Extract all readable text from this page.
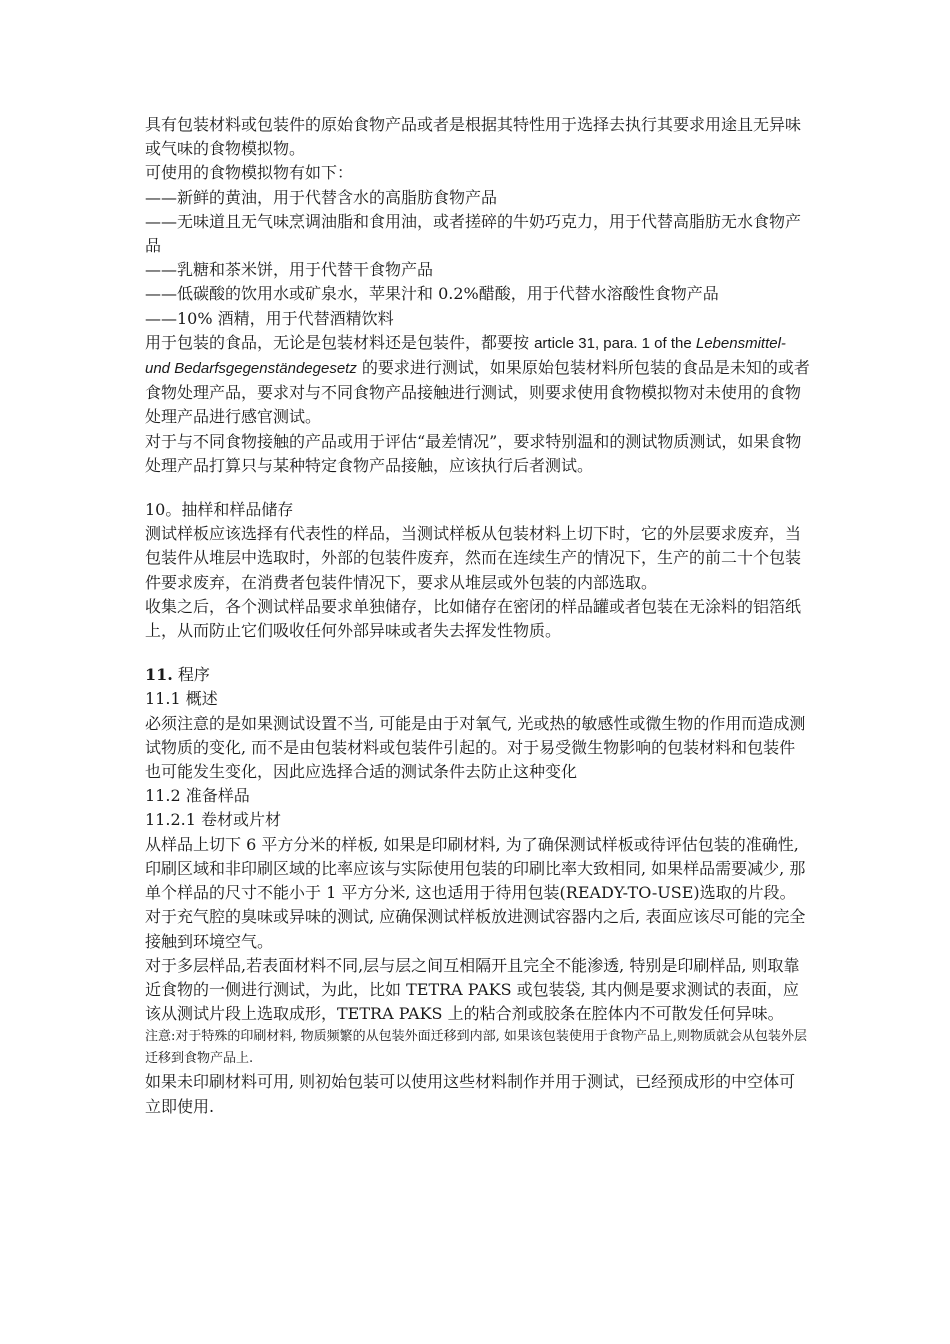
具有包装材料或包装件的原始食物产品或者是根据其特性用于选择去执行其要求用途且无异味或气味的食物模拟物。

可使用的食物模拟物有如下：

——新鲜的黄油，用于代替含水的高脂肪食物产品

——无味道且无气味烹调油脂和食用油，或者搓碎的牛奶巧克力，用于代替高脂肪无水食物产品

——乳糖和茶米饼，用于代替干食物产品

——低碳酸的饮用水或矿泉水，苹果汁和 0.2%醋酸，用于代替水溶酸性食物产品

——10% 酒精，用于代替酒精饮料

用于包装的食品，无论是包装材料还是包装件，都要按 article 31, para. 1 of the Lebensmittel- und Bedarfsgegenständegesetz 的要求进行测试，如果原始包装材料所包装的食品是未知的或者食物处理产品，要求对与不同食物产品接触进行测试，则要求使用食物模拟物对未使用的食物处理产品进行感官测试。

对于与不同食物接触的产品或用于评估“最差情况”，要求特别温和的测试物质测试，如果食物处理产品打算只与某种特定食物产品接触，应该执行后者测试。

10。抽样和样品储存

测试样板应该选择有代表性的样品，当测试样板从包装材料上切下时，它的外层要求废弃，当包装件从堆层中选取时，外部的包装件废弃，然而在连续生产的情况下，生产的前二十个包装件要求废弃，在消费者包装件情况下，要求从堆层或外包装的内部选取。

收集之后，各个测试样品要求单独储存，比如储存在密闭的样品罐或者包装在无涂料的铝箔纸上，从而防止它们吸收任何外部异味或者失去挥发性物质。

11. 程序

11.1 概述

必须注意的是如果测试设置不当, 可能是由于对氧气, 光或热的敏感性或微生物的作用而造成测试物质的变化, 而不是由包装材料或包装件引起的。对于易受微生物影响的包装材料和包装件也可能发生变化，因此应选择合适的测试条件去防止这种变化

11.2 准备样品

11.2.1 卷材或片材

从样品上切下 6 平方分米的样板, 如果是印刷材料, 为了确保测试样板或待评估包装的准确性, 印刷区域和非印刷区域的比率应该与实际使用包装的印刷比率大致相同, 如果样品需要减少, 那单个样品的尺寸不能小于 1 平方分米, 这也适用于待用包装(READY-TO-USE)选取的片段。

对于充气腔的臭味或异味的测试, 应确保测试样板放进测试容器内之后, 表面应该尽可能的完全接触到环境空气。

对于多层样品,若表面材料不同,层与层之间互相隔开且完全不能渗透, 特别是印刷样品, 则取靠近食物的一侧进行测试，为此，比如 TETRA PAKS 或包装袋, 其内侧是要求测试的表面，应该从测试片段上选取成形，TETRA PAKS 上的粘合剂或胶条在腔体内不可散发任何异味。

注意:对于特殊的印刷材料, 物质频繁的从包装外面迁移到内部, 如果该包装使用于食物产品上,则物质就会从包装外层迁移到食物产品上.

如果未印刷材料可用, 则初始包装可以使用这些材料制作并用于测试，已经预成形的中空体可立即使用.
